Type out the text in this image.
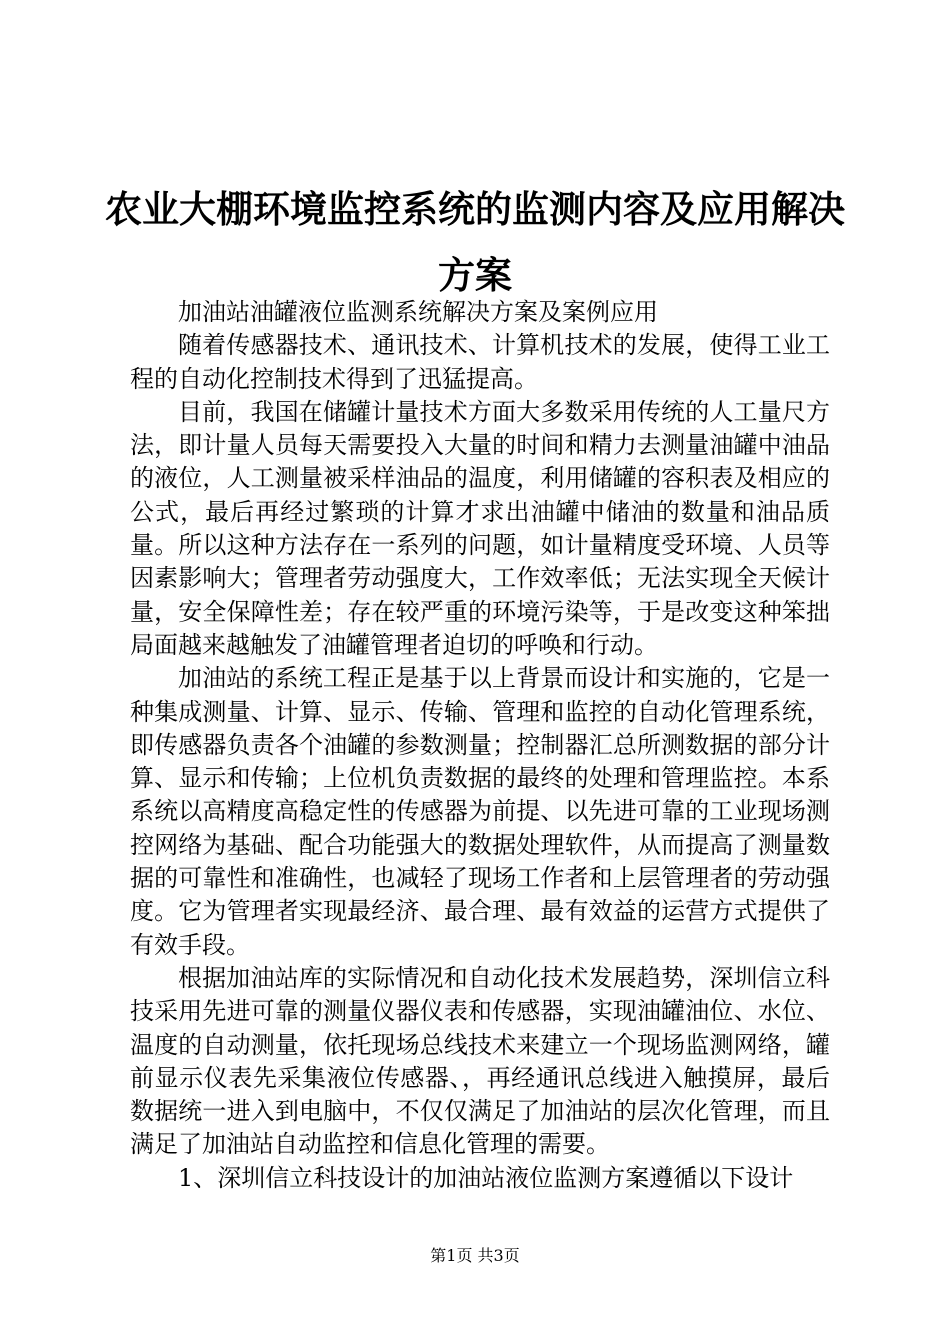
农业大棚环境监控系统的监测内容及应用解决方案

加油站油罐液位监测系统解决方案及案例应用

随着传感器技术、通讯技术、计算机技术的发展，使得工业工程的自动化控制技术得到了迅猛提高。

目前，我国在储罐计量技术方面大多数采用传统的人工量尺方法，即计量人员每天需要投入大量的时间和精力去测量油罐中油品的液位，人工测量被采样油品的温度，利用储罐的容积表及相应的公式，最后再经过繁琐的计算才求出油罐中储油的数量和油品质量。所以这种方法存在一系列的问题，如计量精度受环境、人员等因素影响大；管理者劳动强度大，工作效率低；无法实现全天候计量，安全保障性差；存在较严重的环境污染等，于是改变这种笨拙局面越来越触发了油罐管理者迫切的呼唤和行动。

加油站的系统工程正是基于以上背景而设计和实施的，它是一种集成测量、计算、显示、传输、管理和监控的自动化管理系统，即传感器负责各个油罐的参数测量；控制器汇总所测数据的部分计算、显示和传输；上位机负责数据的最终的处理和管理监控。本系系统以高精度高稳定性的传感器为前提、以先进可靠的工业现场测控网络为基础、配合功能强大的数据处理软件，从而提高了测量数据的可靠性和准确性，也减轻了现场工作者和上层管理者的劳动强度。它为管理者实现最经济、最合理、最有效益的运营方式提供了有效手段。

根据加油站库的实际情况和自动化技术发展趋势，深圳信立科技采用先进可靠的测量仪器仪表和传感器，实现油罐油位、水位、温度的自动测量，依托现场总线技术来建立一个现场监测网络，罐前显示仪表先采集液位传感器、，再经通讯总线进入触摸屏，最后数据统一进入到电脑中，不仅仅满足了加油站的层次化管理，而且满足了加油站自动监控和信息化管理的需要。

1、深圳信立科技设计的加油站液位监测方案遵循以下设计

第1页 共3页
